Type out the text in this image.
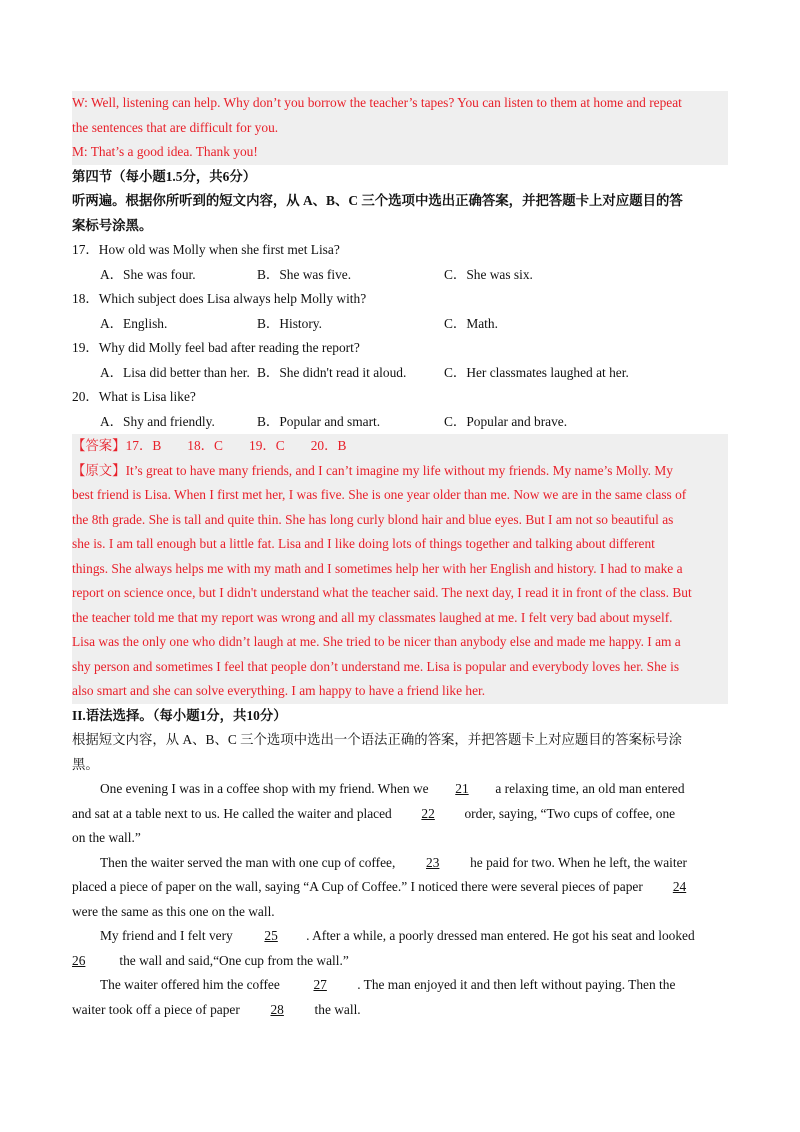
W: Well, listening can help. Why don’t you borrow the teacher’s tapes? You can listen to them at home and repeat
the sentences that are difficult for you.
M: That’s a good idea. Thank you!
第四节（每小题1.5分，共6分）
听两遍。根据你所听到的短文内容，从 A、B、C 三个选项中选出正确答案，并把答题卡上对应题目的答
案标号涂黑。
17．How old was Molly when she first met Lisa?
A．She was four.	B．She was five.	C．She was six.
18．Which subject does Lisa always help Molly with?
A．English.	B．History.	C．Math.
19．Why did Molly feel bad after reading the report?
A．Lisa did better than her. B．She didn't read it aloud.	C．Her classmates laughed at her.
20．What is Lisa like?
A．Shy and friendly.	B．Popular and smart.	C．Popular and brave.
【答案】17．B 18．C 19．C 20．B
【原文】It’s great to have many friends, and I can’t imagine my life without my friends. My name’s Molly. My
best friend is Lisa. When I first met her, I was five. She is one year older than me. Now we are in the same class of
the 8th grade. She is tall and quite thin. She has long curly blond hair and blue eyes. But I am not so beautiful as
she is. I am tall enough but a little fat. Lisa and I like doing lots of things together and talking about different
things. She always helps me with my math and I sometimes help her with her English and history. I had to make a
report on science once, but I didn't understand what the teacher said. The next day, I read it in front of the class. But
the teacher told me that my report was wrong and all my classmates laughed at me. I felt very bad about myself.
Lisa was the only one who didn’t laugh at me. She tried to be nicer than anybody else and made me happy. I am a
shy person and sometimes I feel that people don’t understand me. Lisa is popular and everybody loves her. She is
also smart and she can solve everything. I am happy to have a friend like her.
II.语法选择。（每小题1分，共10分）
根据短文内容，从 A、B、C 三个选项中选出一个语法正确的答案，并把答题卡上对应题目的答案标号涂
黑。
One evening I was in a coffee shop with my friend. When we 21 a relaxing time, an old man entered
and sat at a table next to us. He called the waiter and placed 22 order, saying, “Two cups of coffee, one
on the wall.”
Then the waiter served the man with one cup of coffee, 23 he paid for two. When he left, the waiter
placed a piece of paper on the wall, saying “A Cup of Coffee.” I noticed there were several pieces of paper 24
were the same as this one on the wall.
My friend and I felt very 25 . After a while, a poorly dressed man entered. He got his seat and looked
26	the wall and said,“One cup from the wall.”
The waiter offered him the coffee	27 . The man enjoyed it and then left without paying. Then the
waiter took off a piece of paper 28 the wall.
